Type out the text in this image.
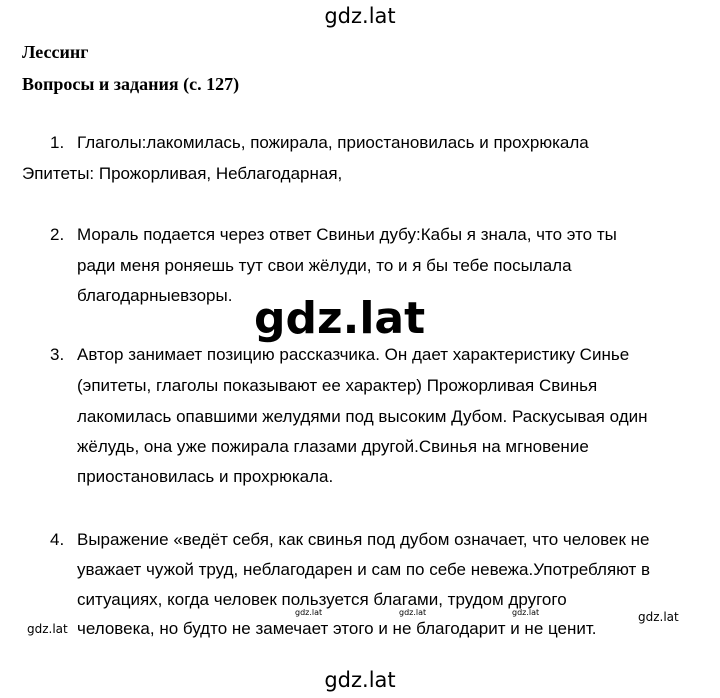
gdz.lat
Лессинг
Вопросы и задания (с. 127)
1. Глаголы:лакомилась, пожирала, приостановилась и прохрюкала
Эпитеты: Прожорливая, Неблагодарная,
2. Мораль подается через ответ Свиньи дубу:Кабы я знала, что это ты
ради меня роняешь тут свои жёлуди, то и я бы тебе посылала
благодарныевзоры. gdz.lat
3. Автор занимает позицию рассказчика. Он дает характеристику Синье
(эпитеты, глаголы показывают ее характер) Прожорливая Свинья
лакомилась опавшими желудями под высоким Дубом. Раскусывая один
жёлудь, она уже пожирала глазами другой.Свинья на мгновение
приостановилась и прохрюкала.
4. Выражение «ведёт себя, как свинья под дубом означает, что человек не
уважает чужой труд, неблагодарен и сам по себе невежа.Употребляют в
ситуациях, когда человек пользуется благами, трудом другого
gdz.lat	gdz.lat	gdz.lat
gdz.lat человека, но будто не замечает этого и не благодарит и не ценит.
gdz.lat
gdz.lat
